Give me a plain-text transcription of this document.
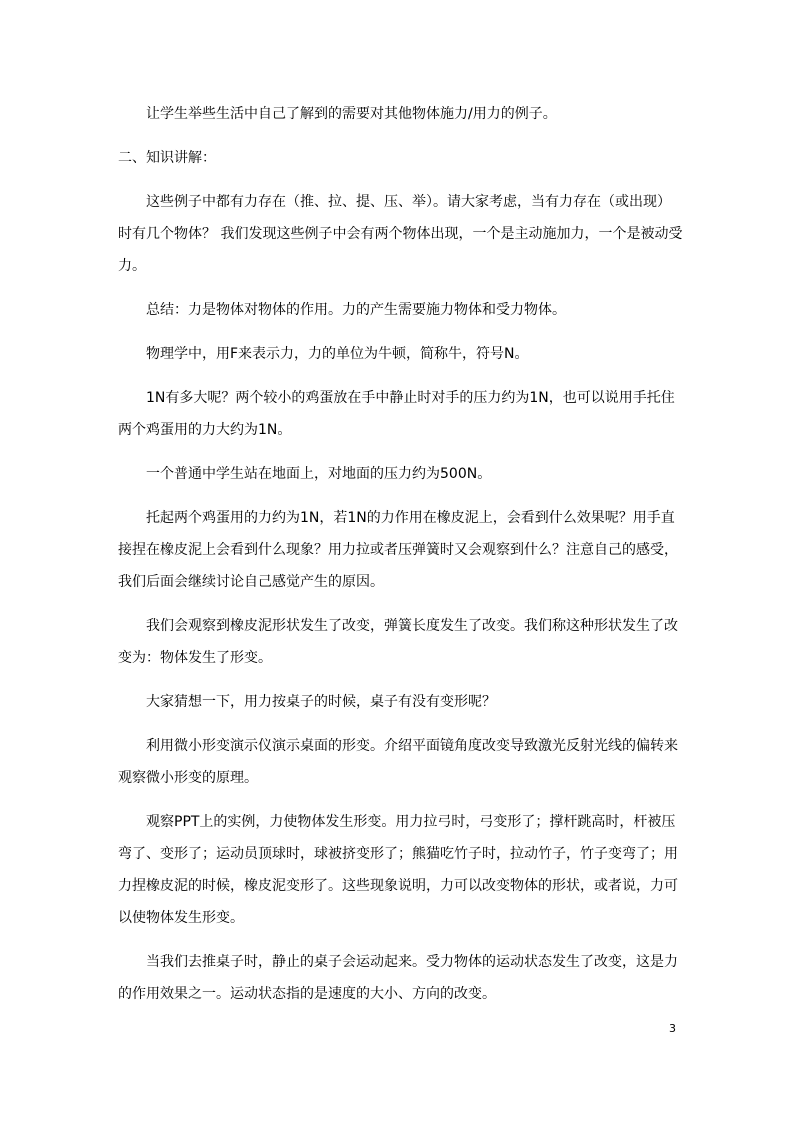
让学生举些生活中自己了解到的需要对其他物体施力/用力的例子。

二、知识讲解：

这些例子中都有力存在（推、拉、提、压、举）。请大家考虑，当有力存在（或出现）时有几个物体？ 我们发现这些例子中会有两个物体出现，一个是主动施加力，一个是被动受力。

总结：力是物体对物体的作用。力的产生需要施力物体和受力物体。

物理学中，用F来表示力，力的单位为牛顿，简称牛，符号N。

1N有多大呢？两个较小的鸡蛋放在手中静止时对手的压力约为1N，也可以说用手托住两个鸡蛋用的力大约为1N。

一个普通中学生站在地面上，对地面的压力约为500N。

托起两个鸡蛋用的力约为1N，若1N的力作用在橡皮泥上，会看到什么效果呢？用手直接捏在橡皮泥上会看到什么现象？用力拉或者压弹簧时又会观察到什么？注意自己的感受，我们后面会继续讨论自己感觉产生的原因。

我们会观察到橡皮泥形状发生了改变，弹簧长度发生了改变。我们称这种形状发生了改变为：物体发生了形变。

大家猜想一下，用力按桌子的时候，桌子有没有变形呢？

利用微小形变演示仪演示桌面的形变。介绍平面镜角度改变导致激光反射光线的偏转来观察微小形变的原理。

观察PPT上的实例，力使物体发生形变。用力拉弓时，弓变形了；撑杆跳高时，杆被压弯了、变形了；运动员顶球时，球被挤变形了；熊猫吃竹子时，拉动竹子，竹子变弯了；用力捏橡皮泥的时候，橡皮泥变形了。这些现象说明，力可以改变物体的形状，或者说，力可以使物体发生形变。

当我们去推桌子时，静止的桌子会运动起来。受力物体的运动状态发生了改变，这是力的作用效果之一。运动状态指的是速度的大小、方向的改变。

3
